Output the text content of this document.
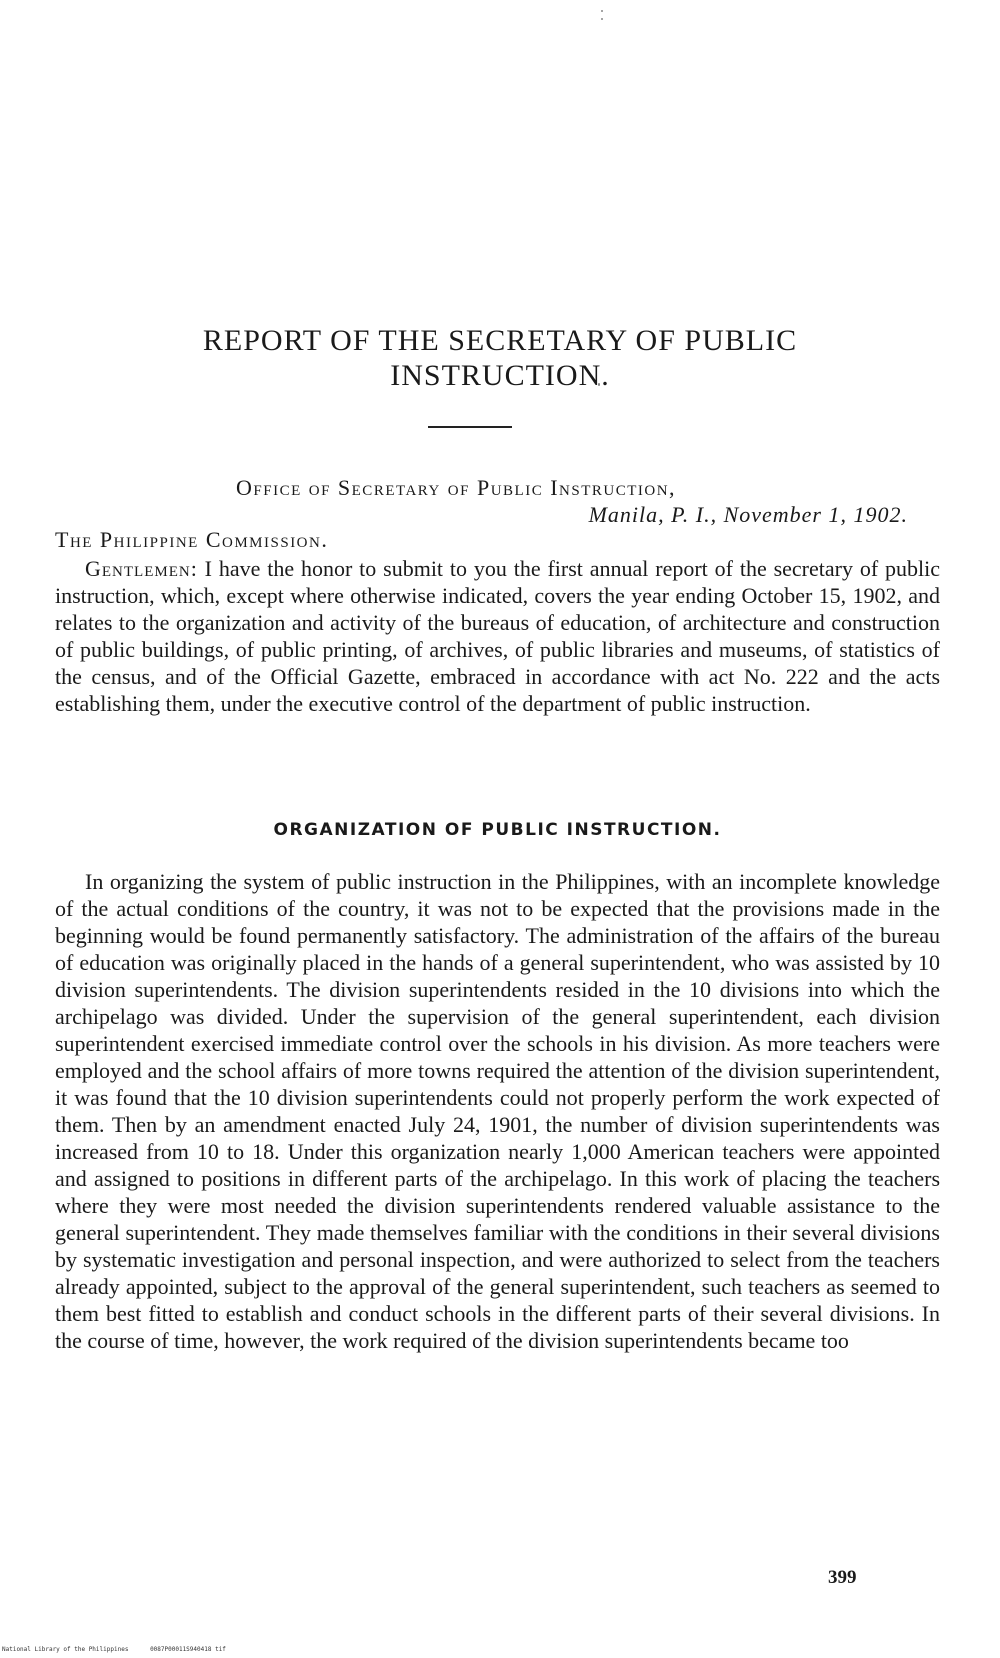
REPORT OF THE SECRETARY OF PUBLIC INSTRUCTION.
Office of Secretary of Public Instruction,
Manila, P. I., November 1, 1902.
The Philippine Commission.

Gentlemen: I have the honor to submit to you the first annual report of the secretary of public instruction, which, except where otherwise indicated, covers the year ending October 15, 1902, and relates to the organization and activity of the bureaus of education, of architecture and construction of public buildings, of public printing, of archives, of public libraries and museums, of statistics of the census, and of the Official Gazette, embraced in accordance with act No. 222 and the acts establishing them, under the executive control of the department of public instruction.

ORGANIZATION OF PUBLIC INSTRUCTION.

In organizing the system of public instruction in the Philippines, with an incomplete knowledge of the actual conditions of the country, it was not to be expected that the provisions made in the beginning would be found permanently satisfactory. The administration of the affairs of the bureau of education was originally placed in the hands of a general superintendent, who was assisted by 10 division superintendents. The division superintendents resided in the 10 divisions into which the archipelago was divided. Under the supervision of the general superintendent, each division superintendent exercised immediate control over the schools in his division. As more teachers were employed and the school affairs of more towns required the attention of the division superintendent, it was found that the 10 division superintendents could not properly perform the work expected of them. Then by an amendment enacted July 24, 1901, the number of division superintendents was increased from 10 to 18. Under this organization nearly 1,000 American teachers were appointed and assigned to positions in different parts of the archipelago. In this work of placing the teachers where they were most needed the division superintendents rendered valuable assistance to the general superintendent. They made themselves familiar with the conditions in their several divisions by systematic investigation and personal inspection, and were authorized to select from the teachers already appointed, subject to the approval of the general superintendent, such teachers as seemed to them best fitted to establish and conduct schools in the different parts of their several divisions. In the course of time, however, the work required of the division superintendents became too

399
National Library of the Philippines	0087P00011S940418 tif
